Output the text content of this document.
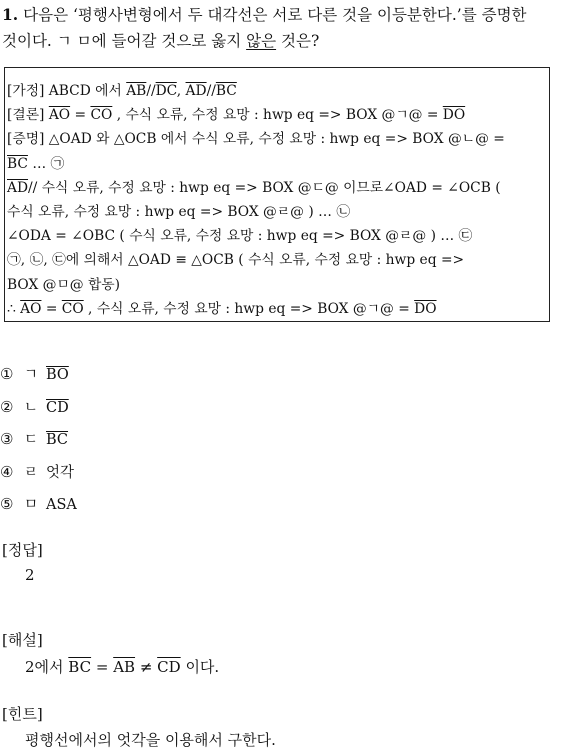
1. 다음은 ‘평행사변형에서 두 대각선은 서로 다른 것을 이등분한다.’를 증명한
것이다. ㄱ ㅁ에 들어갈 것으로 옳지 않은 것은?

[가정] ABCD 에서 $\overline{AB}//\overline{DC}$, $\overline{AD}//\overline{BC}$

[결론] $\overline{AO} = \overline{CO}$ , 수식 오류, 수정 요망 : hwp eq => BOX @ㄱ@ = $\overline{DO}$

[증명] △OAD 와 △OCB 에서 수식 오류, 수정 요망 : hwp eq => BOX @ㄴ@ =

$\overline{BC}$ … ㉠

$\overline{AD}//$ 수식 오류, 수정 요망 : hwp eq => BOX @ㄷ@ 이므로∠OAD = ∠OCB (

수식 오류, 수정 요망 : hwp eq => BOX @ㄹ@ ) … ㉡

∠ODA = ∠OBC ( 수식 오류, 수정 요망 : hwp eq => BOX @ㄹ@ ) … ㉢

㉠, ㉡, ㉢에 의해서 △OAD ≡ △OCB ( 수식 오류, 수정 요망 : hwp eq =>

BOX @ㅁ@ 합동)

∴ $\overline{AO} = \overline{CO}$ , 수식 오류, 수정 요망 : hwp eq => BOX @ㄱ@ = $\overline{DO}$

① ㄱ $\overline{BO}$
② ㄴ $\overline{CD}$
③ ㄷ $\overline{BC}$
④ ㄹ 엇각
⑤ ㅁ ASA

[정답]

2

[해설]

2에서 $\overline{BC} = \overline{AB} \ne \overline{CD}$ 이다.

[힌트]

평행선에서의 엇각을 이용해서 구한다.
